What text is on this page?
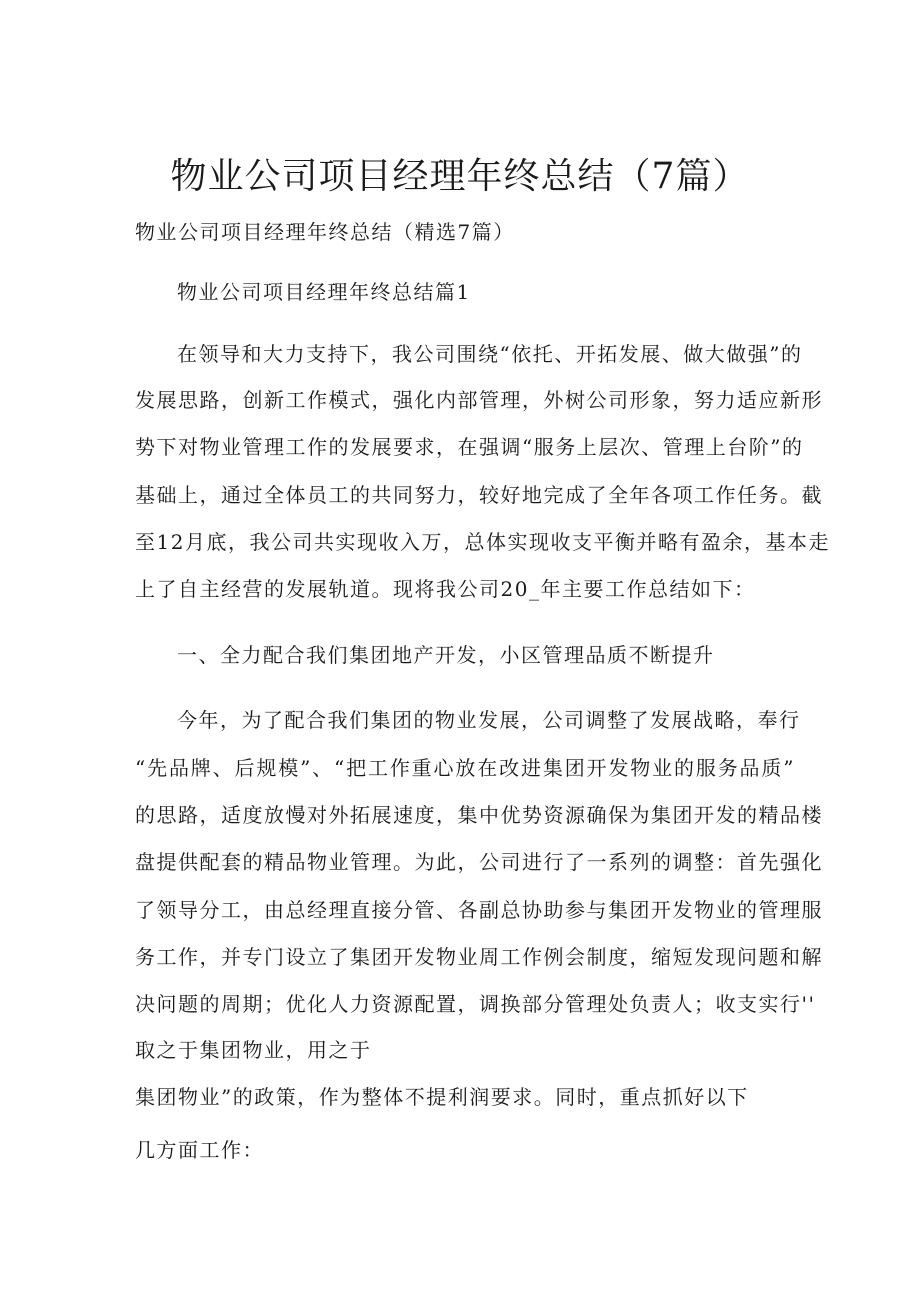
物业公司项目经理年终总结（7篇）
物业公司项目经理年终总结（精选7篇）
物业公司项目经理年终总结篇1
在领导和大力支持下，我公司围绕“依托、开拓发展、做大做强”的
发展思路，创新工作模式，强化内部管理，外树公司形象，努力适应新形
势下对物业管理工作的发展要求，在强调“服务上层次、管理上台阶”的
基础上，通过全体员工的共同努力，较好地完成了全年各项工作任务。截
至12月底，我公司共实现收入万，总体实现收支平衡并略有盈余，基本走
上了自主经营的发展轨道。现将我公司20_年主要工作总结如下：
一、全力配合我们集团地产开发，小区管理品质不断提升
今年，为了配合我们集团的物业发展，公司调整了发展战略，奉行
“先品牌、后规模”、“把工作重心放在改进集团开发物业的服务品质”
的思路，适度放慢对外拓展速度，集中优势资源确保为集团开发的精品楼
盘提供配套的精品物业管理。为此，公司进行了一系列的调整：首先强化
了领导分工，由总经理直接分管、各副总协助参与集团开发物业的管理服
务工作，并专门设立了集团开发物业周工作例会制度，缩短发现问题和解
决问题的周期；优化人力资源配置，调换部分管理处负责人；收支实行''
取之于集团物业，用之于
集团物业”的政策，作为整体不提利润要求。同时，重点抓好以下
几方面工作：
